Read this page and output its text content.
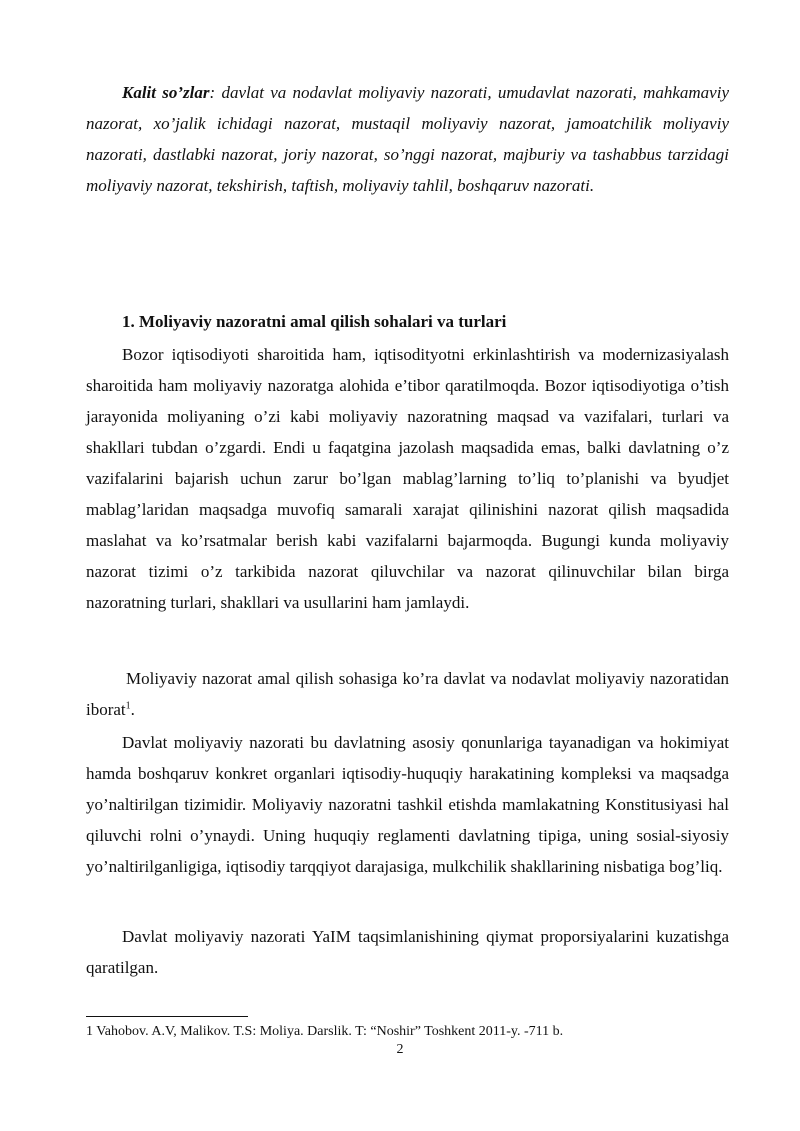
Kalit so’zlar: davlat va nodavlat moliyaviy nazorati, umudavlat nazorati, mahkamaviy nazorat, xo’jalik ichidagi nazorat, mustaqil moliyaviy nazorat, jamoatchilik moliyaviy nazorati, dastlabki nazorat, joriy nazorat, so’nggi nazorat, majburiy va tashabbus tarzidagi moliyaviy nazorat, tekshirish, taftish, moliyaviy tahlil, boshqaruv nazorati.

1. Moliyaviy nazoratni amal qilish sohalari va turlari

Bozor iqtisodiyoti sharoitida ham, iqtisodityotni erkinlashtirish va modernizasiyalash sharoitida ham moliyaviy nazoratga alohida e’tibor qaratilmoqda. Bozor iqtisodiyotiga o’tish jarayonida moliyaning o’zi kabi moliyaviy nazoratning maqsad va vazifalari, turlari va shakllari tubdan o’zgardi. Endi u faqatgina jazolash maqsadida emas, balki davlatning o’z vazifalarini bajarish uchun zarur bo’lgan mablag’larning to’liq to’planishi va byudjet mablag’laridan maqsadga muvofiq samarali xarajat qilinishini nazorat qilish maqsadida maslahat va ko’rsatmalar berish kabi vazifalarni bajarmoqda. Bugungi kunda moliyaviy nazorat tizimi o’z tarkibida nazorat qiluvchilar va nazorat qilinuvchilar bilan birga nazoratning turlari, shakllari va usullarini ham jamlaydi.

Moliyaviy nazorat amal qilish sohasiga ko’ra davlat va nodavlat moliyaviy nazoratidan iborat$^1$.

Davlat moliyaviy nazorati bu davlatning asosiy qonunlariga tayanadigan va hokimiyat hamda boshqaruv konkret organlari iqtisodiy-huquqiy harakatining kompleksi va maqsadga yo’naltirilgan tizimidir. Moliyaviy nazoratni tashkil etishda mamlakatning Konstitusiyasi hal qiluvchi rolni o’ynaydi. Uning huquqiy reglamenti davlatning tipiga, uning sosial-siyosiy yo’naltirilganligiga, iqtisodiy tarqqiyot darajasiga, mulkchilik shakllarining nisbatiga bog’liq.

Davlat moliyaviy nazorati YaIM taqsimlanishining qiymat proporsiyalarini kuzatishga qaratilgan.

1 Vahobov. A.V, Malikov. T.S: Moliya. Darslik. T: “Noshir” Toshkent 2011-y. -711 b.
2
